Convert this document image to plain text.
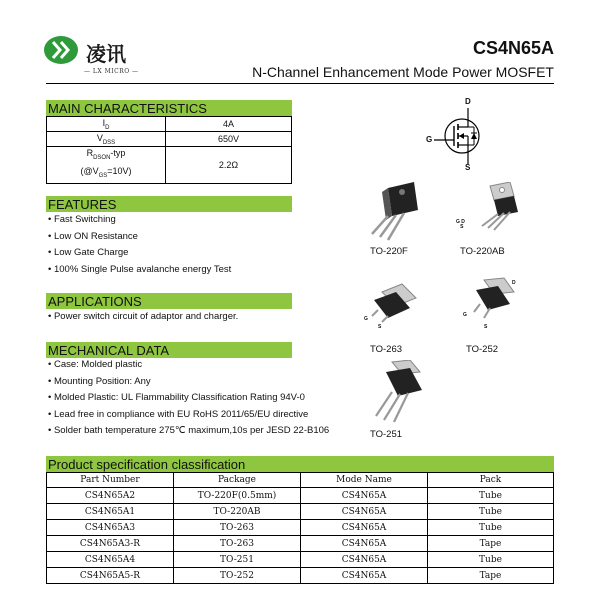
凌讯
— LX MICRO —
CS4N65A
N-Channel Enhancement Mode Power MOSFET
MAIN CHARACTERISTICS
$I_D$	4A
$V_{DSS}$	650V

$R_{DSON}$-typ
$(@V_{GS}=10V)$	2.2Ω
D
G
S
FEATURES
• Fast Switching
• Low ON Resistance
• Low Gate Charge
• 100% Single Pulse avalanche energy Test
APPLICATIONS
• Power switch circuit of adaptor and charger.
MECHANICAL DATA
• Case: Molded plastic
• Mounting Position: Any
• Molded Plastic: UL Flammability Classification Rating 94V-0
• Lead free in compliance with EU RoHS 2011/65/EU directive
• Solder bath temperature 275℃ maximum,10s per JESD 22-B106
TO-220F
G D
S
TO-220AB
G
S
TO-263
D
G
S
TO-252
TO-251
Product specification classification
Part Number	Package	Mode Name	Pack
CS4N65A2	TO-220F(0.5mm)	CS4N65A	Tube
CS4N65A1	TO-220AB	CS4N65A	Tube
CS4N65A3	TO-263	CS4N65A	Tube
CS4N65A3-R	TO-263	CS4N65A	Tape
CS4N65A4	TO-251	CS4N65A	Tube
CS4N65A5-R	TO-252	CS4N65A	Tape
